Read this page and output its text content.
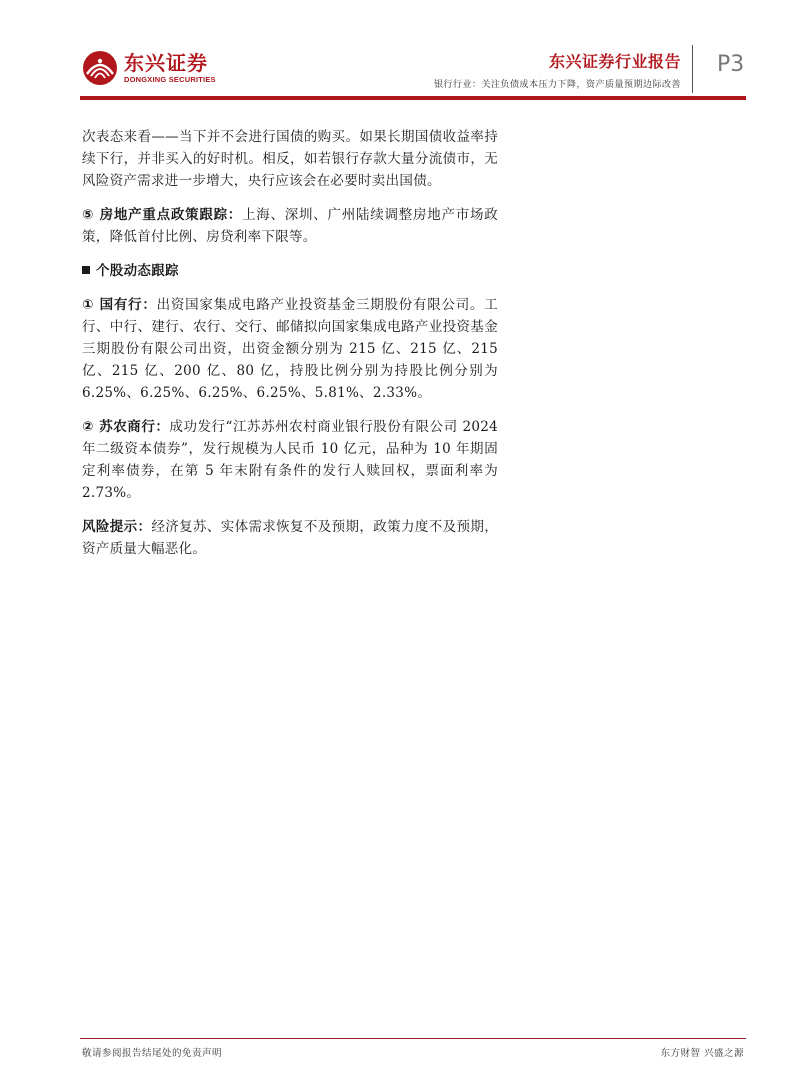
东兴证券
DONGXING SECURITIES
东兴证券行业报告
银行行业：关注负债成本压力下降，资产质量预期边际改善
P3

次表态来看——当下并不会进行国债的购买。如果长期国债收益率持续下行，并非买入的好时机。相反，如若银行存款大量分流债市，无风险资产需求进一步增大，央行应该会在必要时卖出国债。

⑤ 房地产重点政策跟踪：上海、深圳、广州陆续调整房地产市场政策，降低首付比例、房贷利率下限等。

个股动态跟踪

① 国有行：出资国家集成电路产业投资基金三期股份有限公司。工行、中行、建行、农行、交行、邮储拟向国家集成电路产业投资基金三期股份有限公司出资，出资金额分别为 215 亿、215 亿、215 亿、215 亿、200 亿、80 亿，持股比例分别为持股比例分别为 6.25%、6.25%、6.25%、6.25%、5.81%、2.33%。

② 苏农商行：成功发行“江苏苏州农村商业银行股份有限公司 2024 年二级资本债券”，发行规模为人民币 10 亿元，品种为 10 年期固定利率债券，在第 5 年末附有条件的发行人赎回权，票面利率为 2.73%。

风险提示：经济复苏、实体需求恢复不及预期，政策力度不及预期，资产质量大幅恶化。

敬请参阅报告结尾处的免责声明	东方财智 兴盛之源
